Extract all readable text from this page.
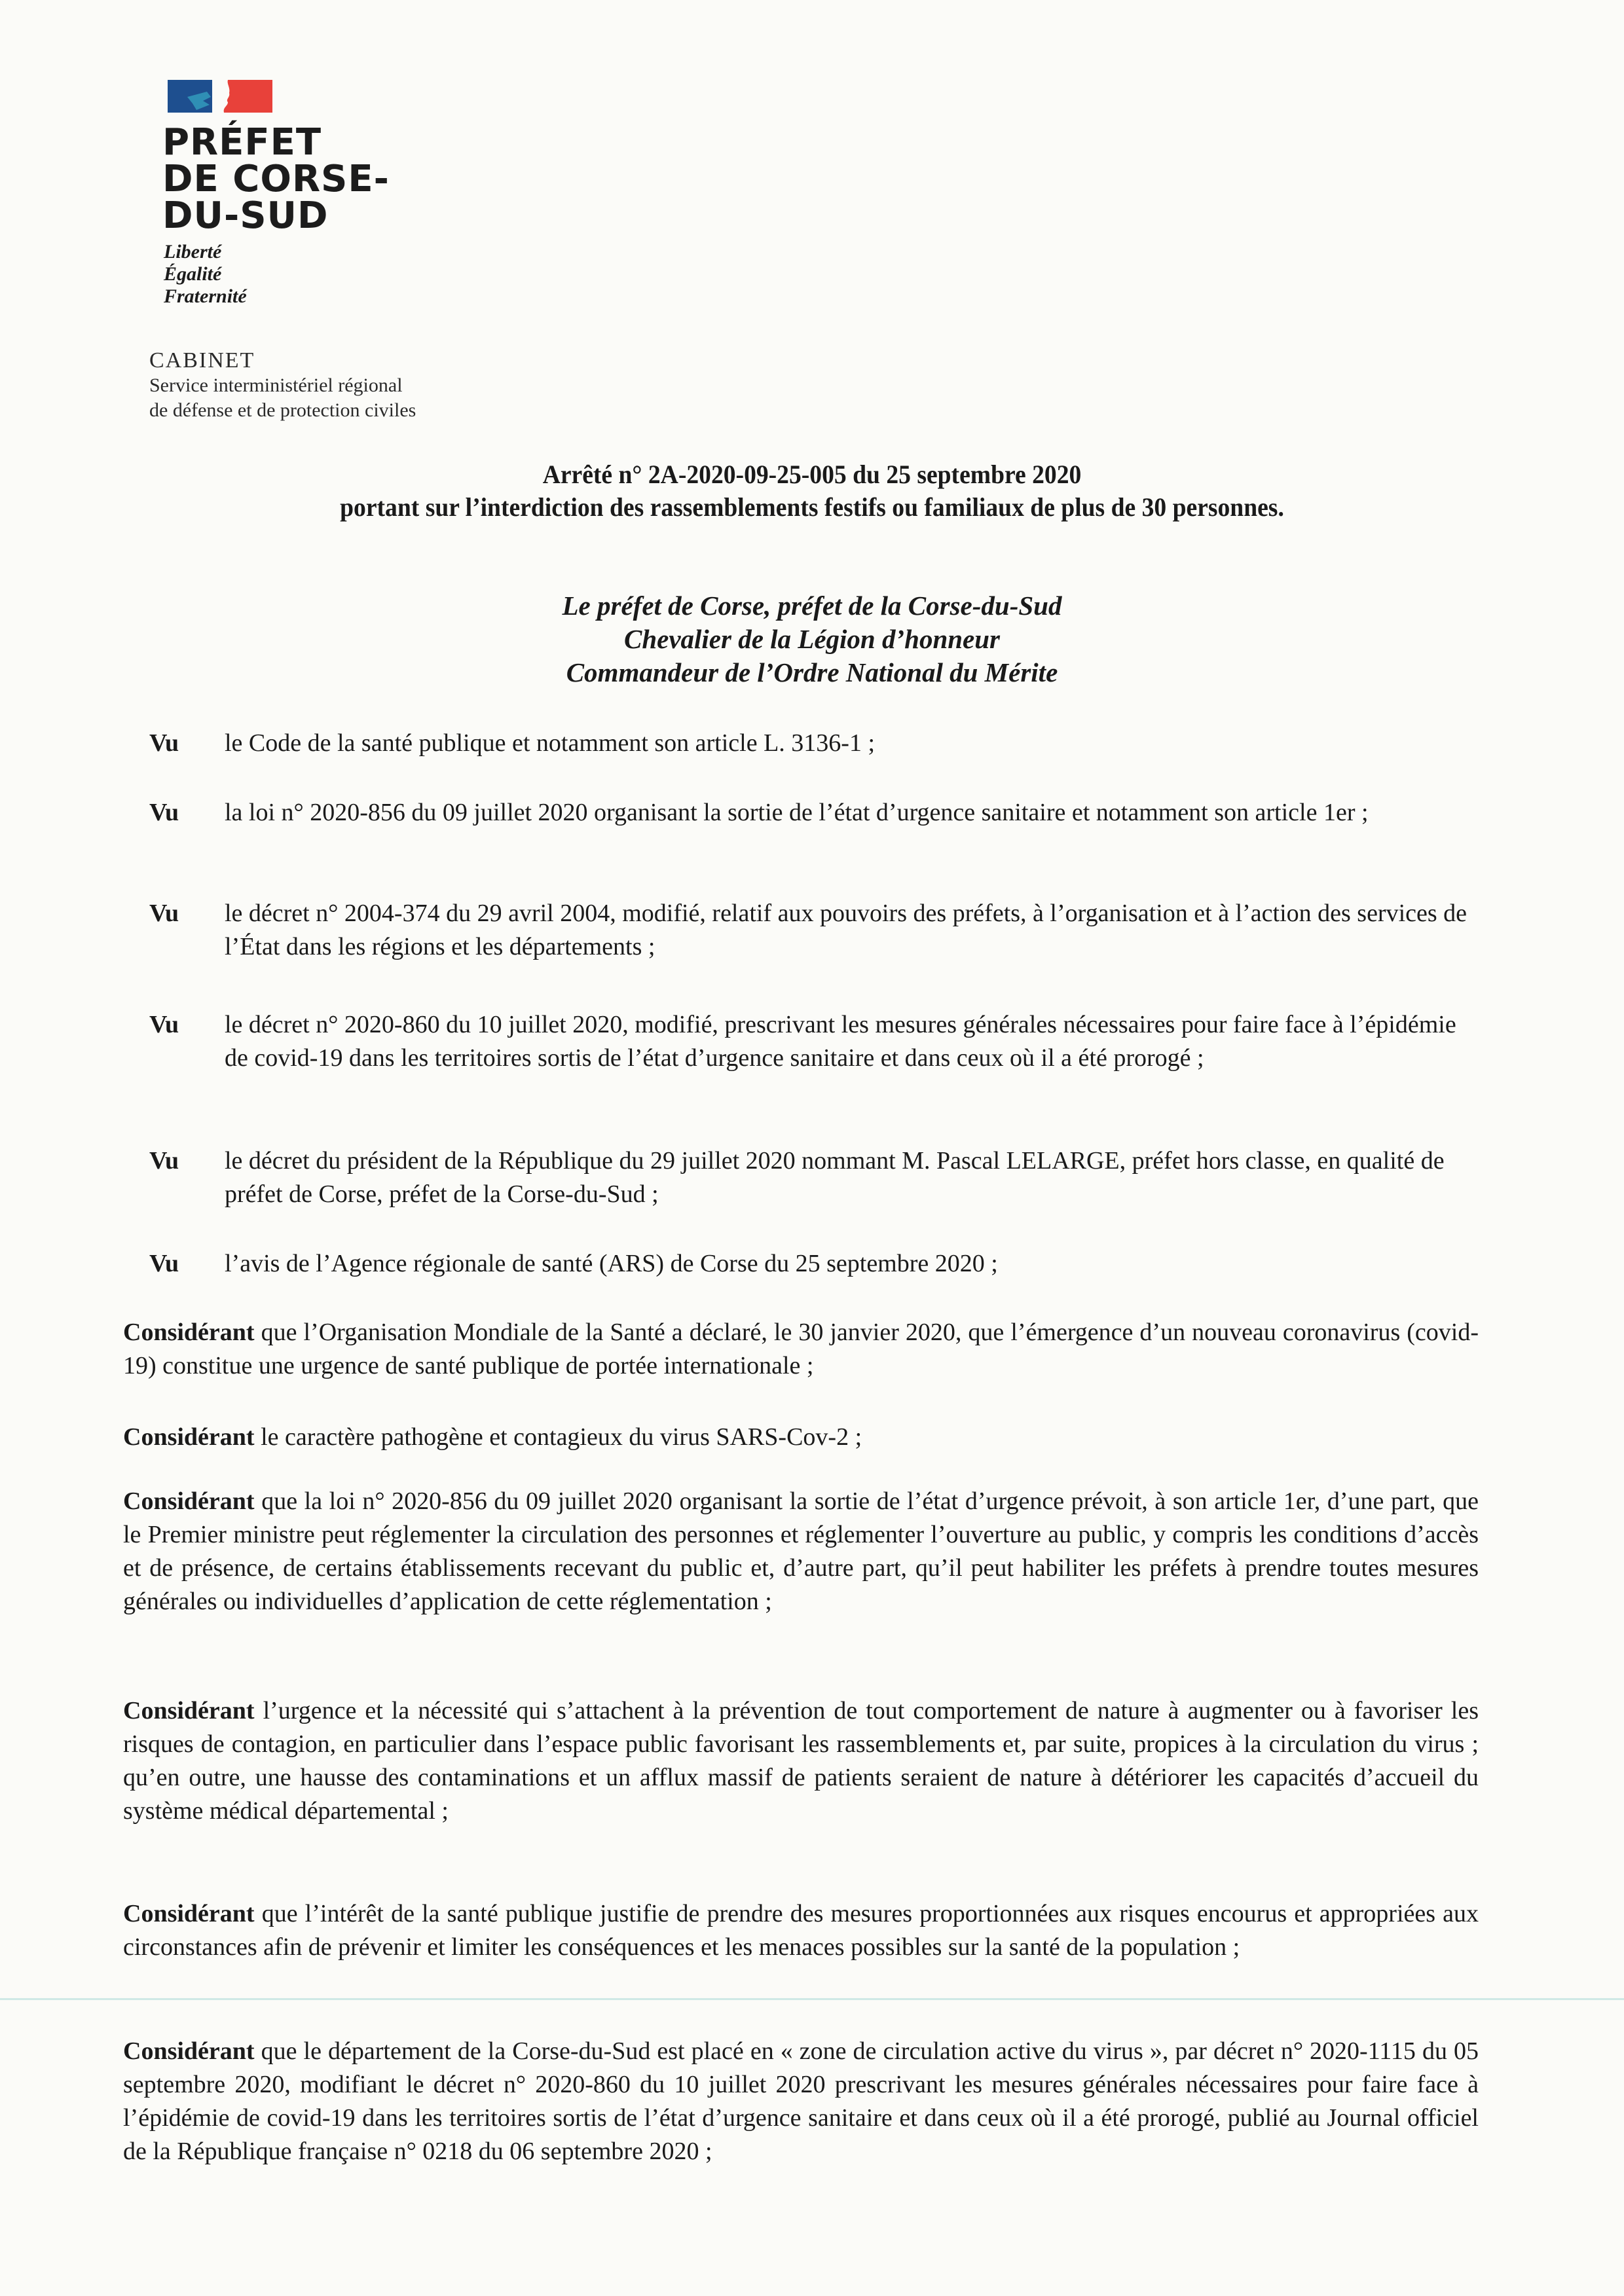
PRÉFET
DE CORSE-
DU-SUD
Liberté
Égalité
Fraternité
CABINET
Service interministériel régional
de défense et de protection civiles
Arrêté n° 2A-2020-09-25-005 du 25 septembre 2020
portant sur l’interdiction des rassemblements festifs ou familiaux de plus de 30 personnes.
Le préfet de Corse, préfet de la Corse-du-Sud
Chevalier de la Légion d’honneur
Commandeur de l’Ordre National du Mérite
Vu le Code de la santé publique et notamment son article L. 3136-1 ;
Vu la loi n° 2020-856 du 09 juillet 2020 organisant la sortie de l’état d’urgence sanitaire et notamment son article 1er ;
Vu le décret n° 2004-374 du 29 avril 2004, modifié, relatif aux pouvoirs des préfets, à l’organisation et à l’action des services de l’État dans les régions et les départements ;
Vu le décret n° 2020-860 du 10 juillet 2020, modifié, prescrivant les mesures générales nécessaires pour faire face à l’épidémie de covid-19 dans les territoires sortis de l’état d’urgence sanitaire et dans ceux où il a été prorogé ;
Vu le décret du président de la République du 29 juillet 2020 nommant M. Pascal LELARGE, préfet hors classe, en qualité de préfet de Corse, préfet de la Corse-du-Sud ;
Vu l’avis de l’Agence régionale de santé (ARS) de Corse du 25 septembre 2020 ;
Considérant que l’Organisation Mondiale de la Santé a déclaré, le 30 janvier 2020, que l’émergence d’un nouveau coronavirus (covid-19) constitue une urgence de santé publique de portée internationale ;
Considérant le caractère pathogène et contagieux du virus SARS-Cov-2 ;
Considérant que la loi n° 2020-856 du 09 juillet 2020 organisant la sortie de l’état d’urgence prévoit, à son article 1er, d’une part, que le Premier ministre peut réglementer la circulation des personnes et réglementer l’ouverture au public, y compris les conditions d’accès et de présence, de certains établissements recevant du public et, d’autre part, qu’il peut habiliter les préfets à prendre toutes mesures générales ou individuelles d’application de cette réglementation ;
Considérant l’urgence et la nécessité qui s’attachent à la prévention de tout comportement de nature à augmenter ou à favoriser les risques de contagion, en particulier dans l’espace public favorisant les rassemblements et, par suite, propices à la circulation du virus ; qu’en outre, une hausse des contaminations et un afflux massif de patients seraient de nature à détériorer les capacités d’accueil du système médical départemental ;
Considérant que l’intérêt de la santé publique justifie de prendre des mesures proportionnées aux risques encourus et appropriées aux circonstances afin de prévenir et limiter les conséquences et les menaces possibles sur la santé de la population ;
Considérant que le département de la Corse-du-Sud est placé en « zone de circulation active du virus », par décret n° 2020-1115 du 05 septembre 2020, modifiant le décret n° 2020-860 du 10 juillet 2020 prescrivant les mesures générales nécessaires pour faire face à l’épidémie de covid-19 dans les territoires sortis de l’état d’urgence sanitaire et dans ceux où il a été prorogé, publié au Journal officiel de la République française n° 0218 du 06 septembre 2020 ;
